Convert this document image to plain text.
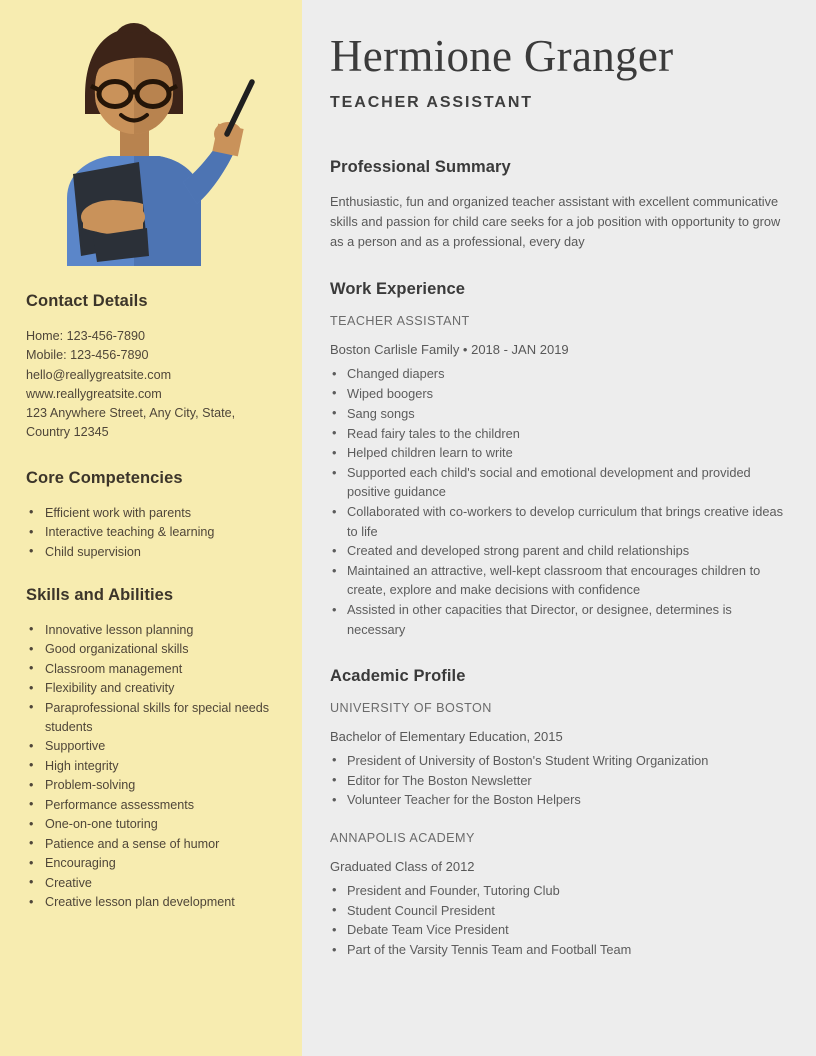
Contact Details
Home: 123-456-7890
Mobile: 123-456-7890
hello@reallygreatsite.com
www.reallygreatsite.com
123 Anywhere Street, Any City, State, Country 12345
Core Competencies
• Efficient work with parents
• Interactive teaching & learning
• Child supervision
Skills and Abilities
• Innovative lesson planning
• Good organizational skills
• Classroom management
• Flexibility and creativity
• Paraprofessional skills for special needs students
• Supportive
• High integrity
• Problem-solving
• Performance assessments
• One-on-one tutoring
• Patience and a sense of humor
• Encouraging
• Creative
• Creative lesson plan development
Hermione Granger
TEACHER ASSISTANT
Professional Summary

Enthusiastic, fun and organized teacher assistant with excellent communicative skills and passion for child care seeks for a job position with opportunity to grow as a person and as a professional, every day

Work Experience
TEACHER ASSISTANT
Boston Carlisle Family • 2018 - JAN 2019
• Changed diapers
• Wiped boogers
• Sang songs
• Read fairy tales to the children
• Helped children learn to write
• Supported each child's social and emotional development and provided positive guidance
• Collaborated with co-workers to develop curriculum that brings creative ideas to life
• Created and developed strong parent and child relationships
• Maintained an attractive, well-kept classroom that encourages children to create, explore and make decisions with confidence
• Assisted in other capacities that Director, or designee, determines is necessary
Academic Profile
UNIVERSITY OF BOSTON
Bachelor of Elementary Education, 2015
• President of University of Boston's Student Writing Organization
• Editor for The Boston Newsletter
• Volunteer Teacher for the Boston Helpers
ANNAPOLIS ACADEMY
Graduated Class of 2012
• President and Founder, Tutoring Club
• Student Council President
• Debate Team Vice President
• Part of the Varsity Tennis Team and Football Team
